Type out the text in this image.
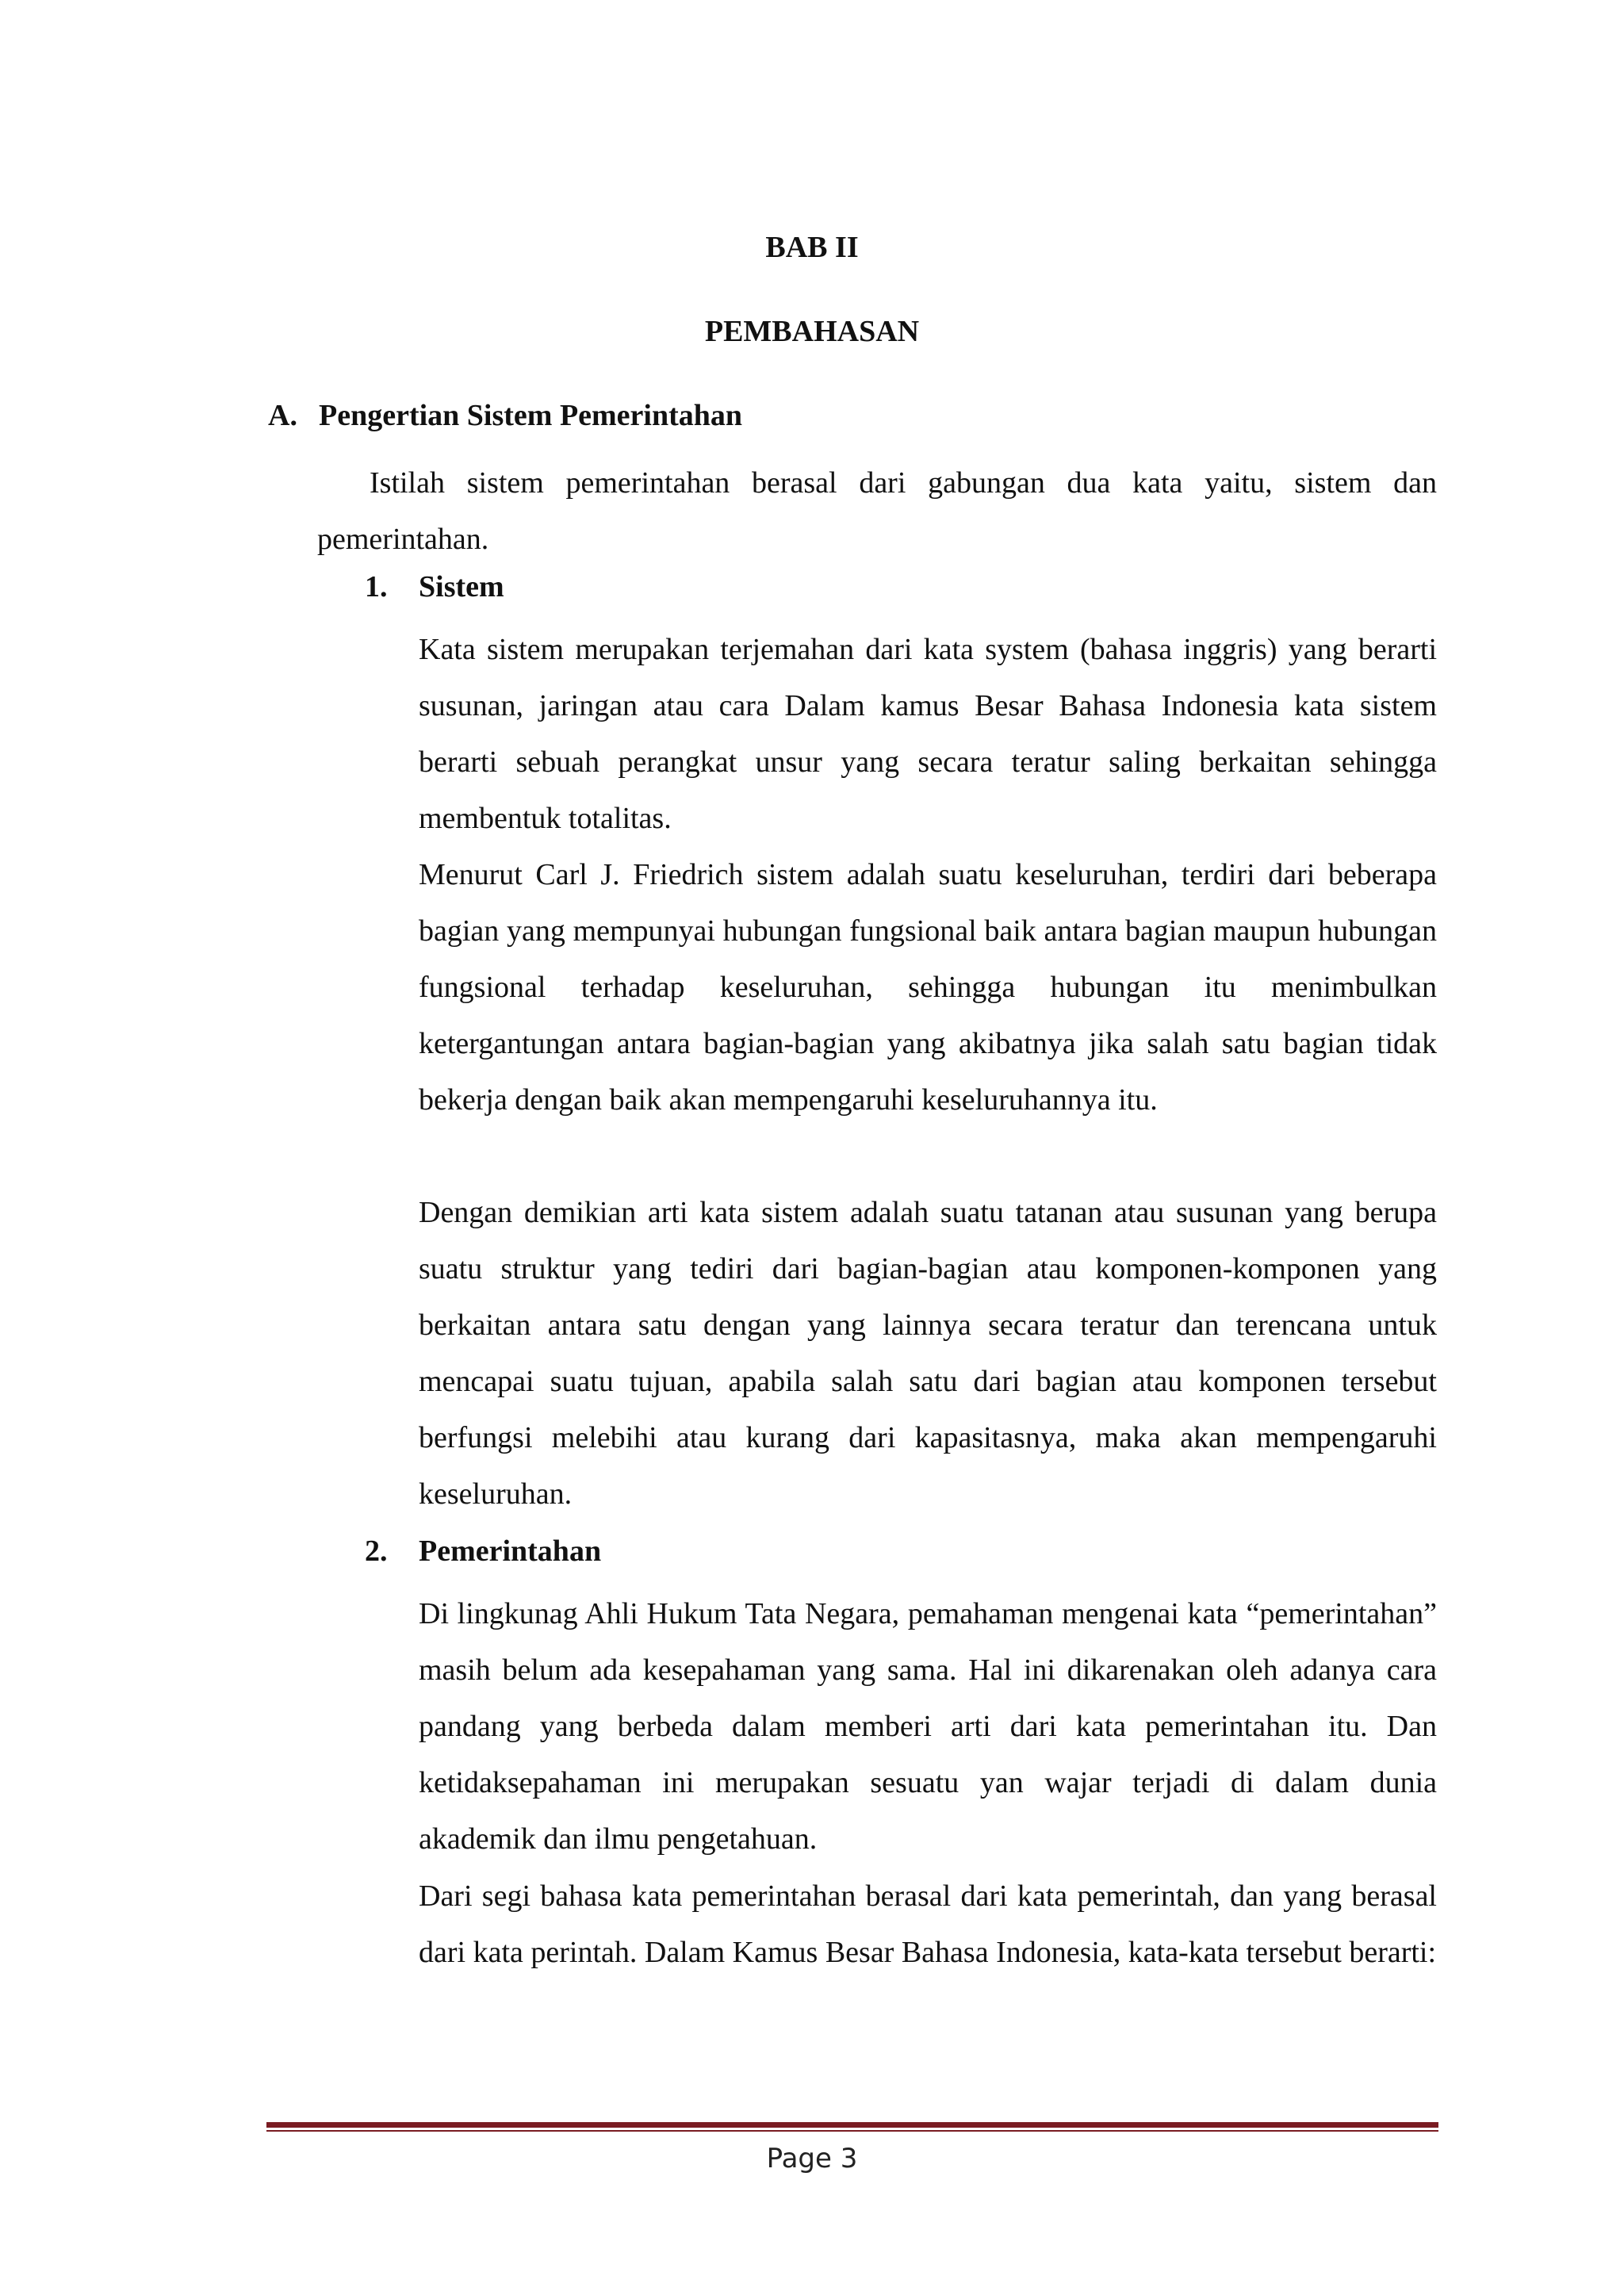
BAB II
PEMBAHASAN
A. Pengertian Sistem Pemerintahan

Istilah sistem pemerintahan berasal dari gabungan dua kata yaitu, sistem dan pemerintahan.

1. Sistem

Kata sistem merupakan terjemahan dari kata system (bahasa inggris) yang berarti susunan, jaringan atau cara Dalam kamus Besar Bahasa Indonesia kata sistem berarti sebuah perangkat unsur yang secara teratur saling berkaitan sehingga membentuk totalitas.

Menurut Carl J. Friedrich sistem adalah suatu keseluruhan, terdiri dari beberapa bagian yang mempunyai hubungan fungsional baik antara bagian maupun hubungan fungsional terhadap keseluruhan, sehingga hubungan itu menimbulkan ketergantungan antara bagian-bagian yang akibatnya jika salah satu bagian tidak bekerja dengan baik akan mempengaruhi keseluruhannya itu.

Dengan demikian arti kata sistem adalah suatu tatanan atau susunan yang berupa suatu struktur yang tediri dari bagian-bagian atau komponen-komponen yang berkaitan antara satu dengan yang lainnya secara teratur dan terencana untuk mencapai suatu tujuan, apabila salah satu dari bagian atau komponen tersebut berfungsi melebihi atau kurang dari kapasitasnya, maka akan mempengaruhi keseluruhan.

2. Pemerintahan

Di lingkunag Ahli Hukum Tata Negara, pemahaman mengenai kata “pemerintahan” masih belum ada kesepahaman yang sama. Hal ini dikarenakan oleh adanya cara pandang yang berbeda dalam memberi arti dari kata pemerintahan itu. Dan ketidaksepahaman ini merupakan sesuatu yan wajar terjadi di dalam dunia akademik dan ilmu pengetahuan.

Dari segi bahasa kata pemerintahan berasal dari kata pemerintah, dan yang berasal dari kata perintah. Dalam Kamus Besar Bahasa Indonesia, kata-kata tersebut berarti:

Page 3
